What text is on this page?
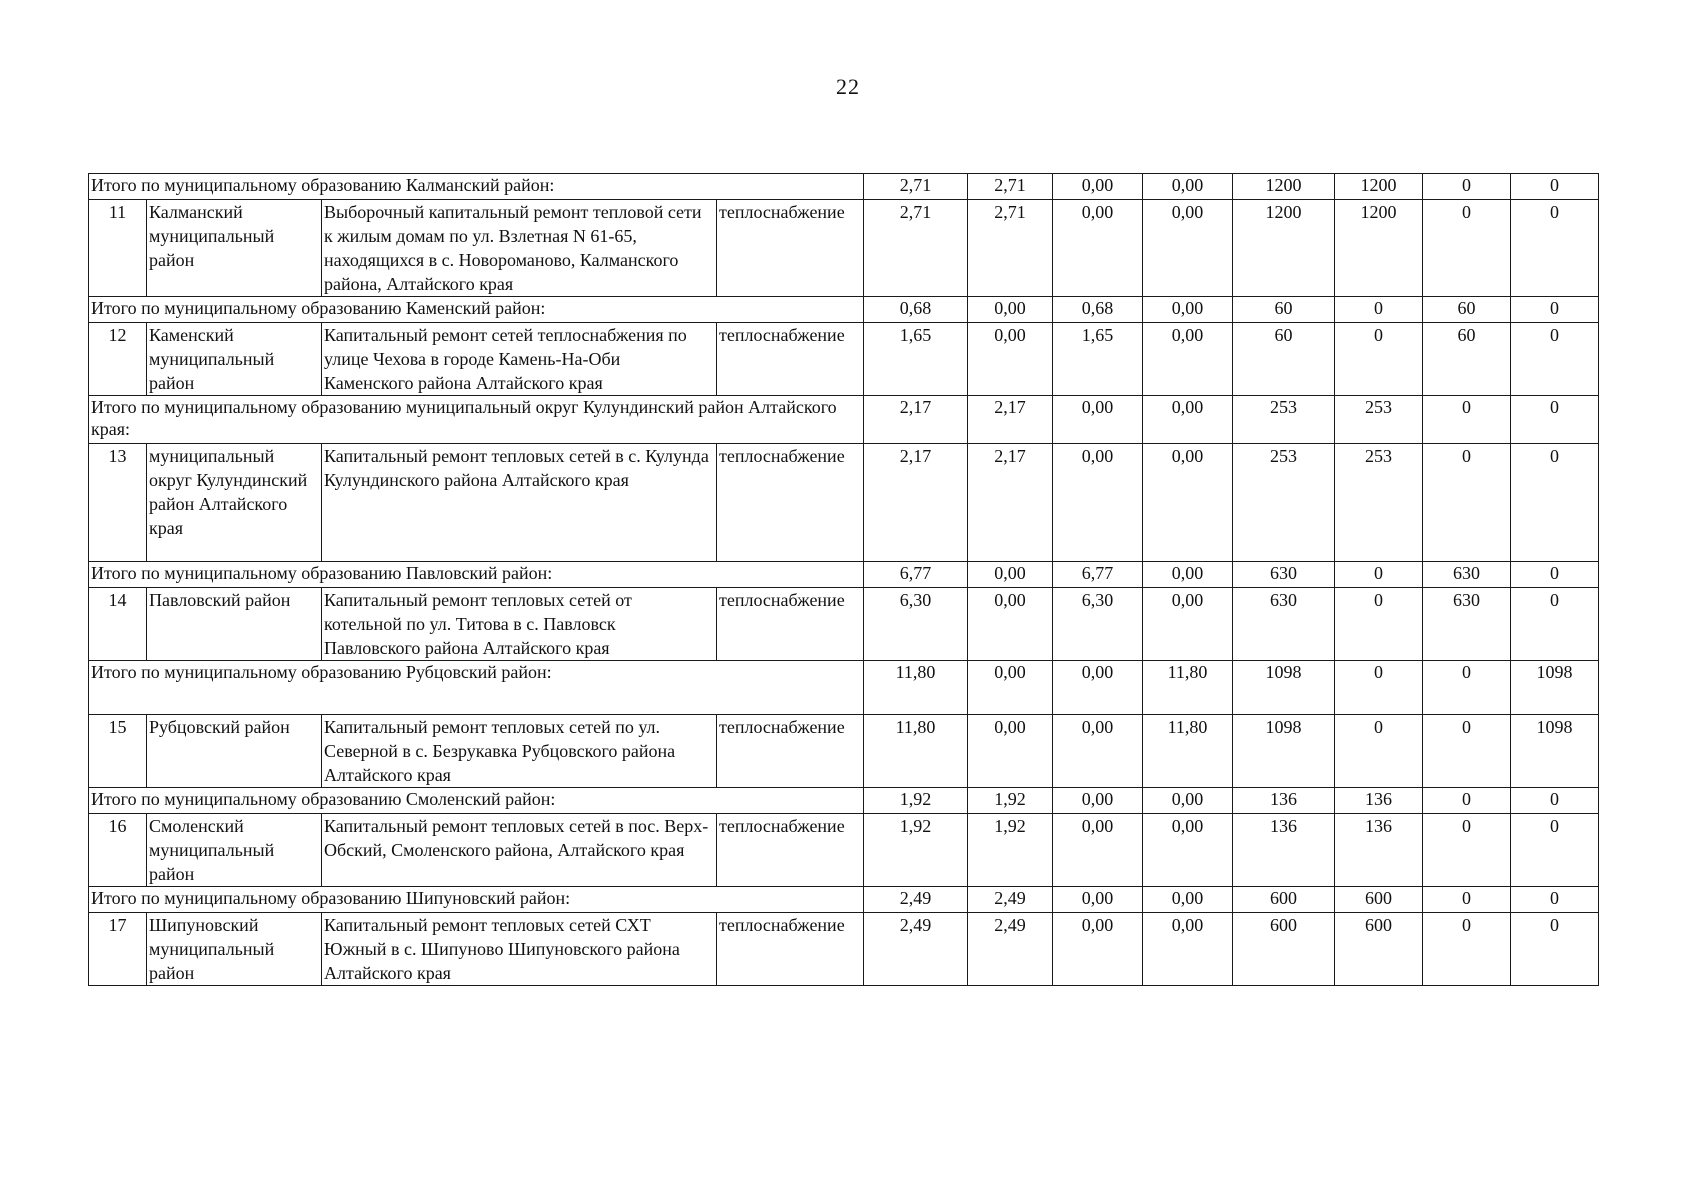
22
Итого по муниципальному образованию Калманский район:				2,71	2,71	0,00	0,00	1200	1200	0	0
11	Калманский муниципальный район	Выборочный капитальный ремонт тепловой сети к жилым домам по ул. Взлетная N 61-65, находящихся в с. Новороманово, Калманского района, Алтайского края	теплоснабжение	2,71	2,71	0,00	0,00	1200	1200	0	0
Итого по муниципальному образованию Каменский район:				0,68	0,00	0,68	0,00	60	0	60	0
12	Каменский муниципальный район	Капитальный ремонт сетей теплоснабжения по улице Чехова в городе Камень-На-Оби Каменского района Алтайского края	теплоснабжение	1,65	0,00	1,65	0,00	60	0	60	0
Итого по муниципальному образованию муниципальный округ Кулундинский район Алтайского края:				2,17	2,17	0,00	0,00	253	253	0	0
13	муниципальный округ Кулундинский район Алтайского края	Капитальный ремонт тепловых сетей в с. Кулунда Кулундинского района Алтайского края	теплоснабжение	2,17	2,17	0,00	0,00	253	253	0	0
Итого по муниципальному образованию Павловский район:				6,77	0,00	6,77	0,00	630	0	630	0
14	Павловский район	Капитальный ремонт тепловых сетей от котельной по ул. Титова в с. Павловск Павловского района Алтайского края	теплоснабжение	6,30	0,00	6,30	0,00	630	0	630	0
Итого по муниципальному образованию Рубцовский район:				11,80	0,00	0,00	11,80	1098	0	0	1098
15	Рубцовский район	Капитальный ремонт тепловых сетей по ул. Северной в с. Безрукавка Рубцовского района Алтайского края	теплоснабжение	11,80	0,00	0,00	11,80	1098	0	0	1098
Итого по муниципальному образованию Смоленский район:				1,92	1,92	0,00	0,00	136	136	0	0
16	Смоленский муниципальный район	Капитальный ремонт тепловых сетей в пос. Верх-Обский, Смоленского района, Алтайского края	теплоснабжение	1,92	1,92	0,00	0,00	136	136	0	0
Итого по муниципальному образованию Шипуновский район:				2,49	2,49	0,00	0,00	600	600	0	0
17	Шипуновский муниципальный район	Капитальный ремонт тепловых сетей СХТ Южный в с. Шипуново Шипуновского района Алтайского края	теплоснабжение	2,49	2,49	0,00	0,00	600	600	0	0
